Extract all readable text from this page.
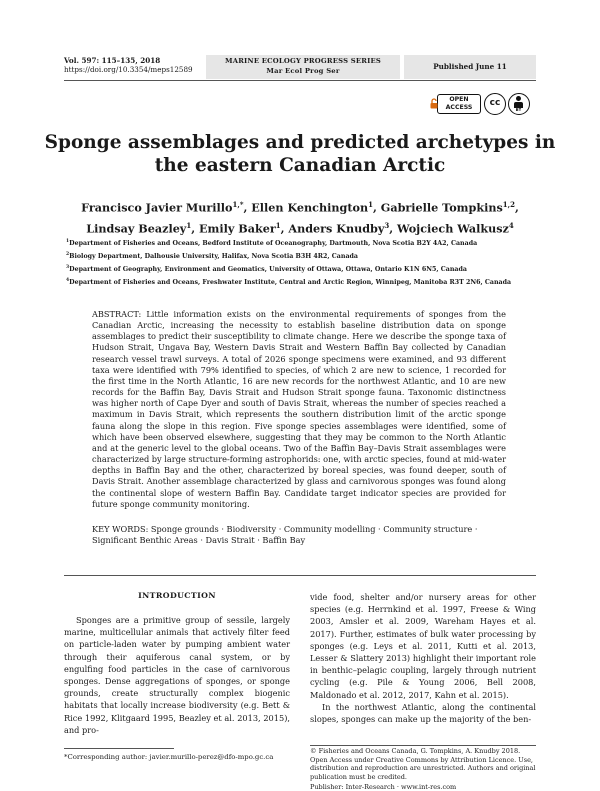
Vol. 597: 115–135, 2018
https://doi.org/10.3354/meps12589
MARINE ECOLOGY PROGRESS SERIES
Mar Ecol Prog Ser	Published June 11
OPEN
ACCESS	cc
BY
Sponge assemblages and predicted archetypes in
the eastern Canadian Arctic
Francisco Javier Murillo$^{1,*}$, Ellen Kenchington$^1$, Gabrielle Tompkins$^{1,2}$,
Lindsay Beazley$^1$, Emily Baker$^1$, Anders Knudby$^3$, Wojciech Walkusz$^4$
$^1$Department of Fisheries and Oceans, Bedford Institute of Oceanography, Dartmouth, Nova Scotia B2Y 4A2, Canada
$^2$Biology Department, Dalhousie University, Halifax, Nova Scotia B3H 4R2, Canada
$^3$Department of Geography, Environment and Geomatics, University of Ottawa, Ottawa, Ontario K1N 6N5, Canada
$^4$Department of Fisheries and Oceans, Freshwater Institute, Central and Arctic Region, Winnipeg, Manitoba R3T 2N6, Canada
ABSTRACT: Little information exists on the environmental requirements of sponges from the Canadian Arctic, increasing the necessity to establish baseline distribution data on sponge assemblages to predict their susceptibility to climate change. Here we describe the sponge taxa of Hudson Strait, Ungava Bay, Western Davis Strait and Western Baffin Bay collected by Canadian research vessel trawl surveys. A total of 2026 sponge specimens were examined, and 93 different taxa were identified with 79% identified to species, of which 2 are new to science, 1 recorded for the first time in the North Atlantic, 16 are new records for the northwest Atlantic, and 10 are new records for the Baffin Bay, Davis Strait and Hudson Strait sponge fauna. Taxonomic distinctness was higher north of Cape Dyer and south of Davis Strait, whereas the number of species reached a maximum in Davis Strait, which represents the southern distribution limit of the arctic sponge fauna along the slope in this region. Five sponge species assemblages were identified, some of which have been observed elsewhere, suggesting that they may be common to the North Atlantic and at the generic level to the global oceans. Two of the Baffin Bay–Davis Strait assemblages were characterized by large structure-forming astrophorids: one, with arctic species, found at mid-water depths in Baffin Bay and the other, characterized by boreal species, was found deeper, south of Davis Strait. Another assemblage characterized by glass and carnivorous sponges was found along the continental slope of western Baffin Bay. Candidate target indicator species are provided for future sponge community monitoring.
KEY WORDS: Sponge grounds · Biodiversity · Community modelling · Community structure · Significant Benthic Areas · Davis Strait · Baffin Bay
INTRODUCTION

Sponges are a primitive group of sessile, largely marine, multicellular animals that actively filter feed on particle-laden water by pumping ambient water through their aquiferous canal system, or by engulfing food particles in the case of carnivorous sponges. Dense aggregations of sponges, or sponge grounds, create structurally complex biogenic habitats that locally increase biodiversity (e.g. Bett & Rice 1992, Klitgaard 1995, Beazley et al. 2013, 2015), and pro-

vide food, shelter and/or nursery areas for other species (e.g. Herrnkind et al. 1997, Freese & Wing 2003, Amsler et al. 2009, Wareham Hayes et al. 2017). Further, estimates of bulk water processing by sponges (e.g. Leys et al. 2011, Kutti et al. 2013, Lesser & Slattery 2013) highlight their important role in benthic–pelagic coupling, largely through nutrient cycling (e.g. Pile & Young 2006, Bell 2008, Maldonado et al. 2012, 2017, Kahn et al. 2015).

In the northwest Atlantic, along the continental slopes, sponges can make up the majority of the ben-

*Corresponding author: javier.murillo-perez@dfo-mpo.gc.ca
© Fisheries and Oceans Canada, G. Tompkins, A. Knudby 2018. Open Access under Creative Commons by Attribution Licence. Use, distribution and reproduction are unrestricted. Authors and original publication must be credited.
Publisher: Inter-Research · www.int-res.com
